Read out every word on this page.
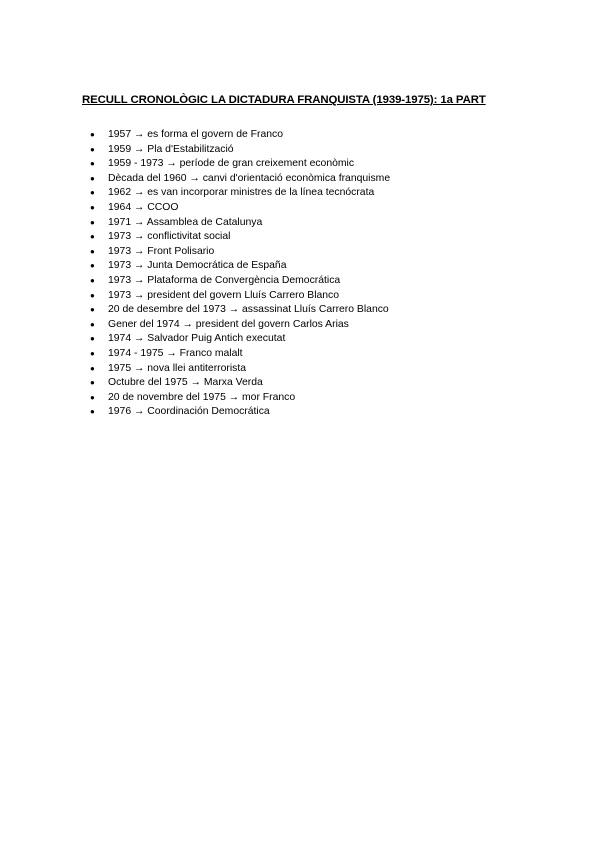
RECULL CRONOLÒGIC LA DICTADURA FRANQUISTA (1939-1975): 1a PART
● 1957 → es forma el govern de Franco
● 1959 → Pla d'Estabilització
● 1959 - 1973 → període de gran creixement econòmic
● Dècada del 1960 → canvi d'orientació econòmica franquisme
● 1962 → es van incorporar ministres de la línea tecnócrata
● 1964 → CCOO
● 1971 → Assamblea de Catalunya
● 1973 → conflictivitat social
● 1973 → Front Polisario
● 1973 → Junta Democrática de España
● 1973 → Plataforma de Convergència Democrática
● 1973 → president del govern Lluís Carrero Blanco
● 20 de desembre del 1973 → assassinat Lluís Carrero Blanco
● Gener del 1974 → president del govern Carlos Arias
● 1974 → Salvador Puig Antich executat
● 1974 - 1975 → Franco malalt
● 1975 → nova llei antiterrorista
● Octubre del 1975 → Marxa Verda
● 20 de novembre del 1975 → mor Franco
● 1976 → Coordinación Democrática
